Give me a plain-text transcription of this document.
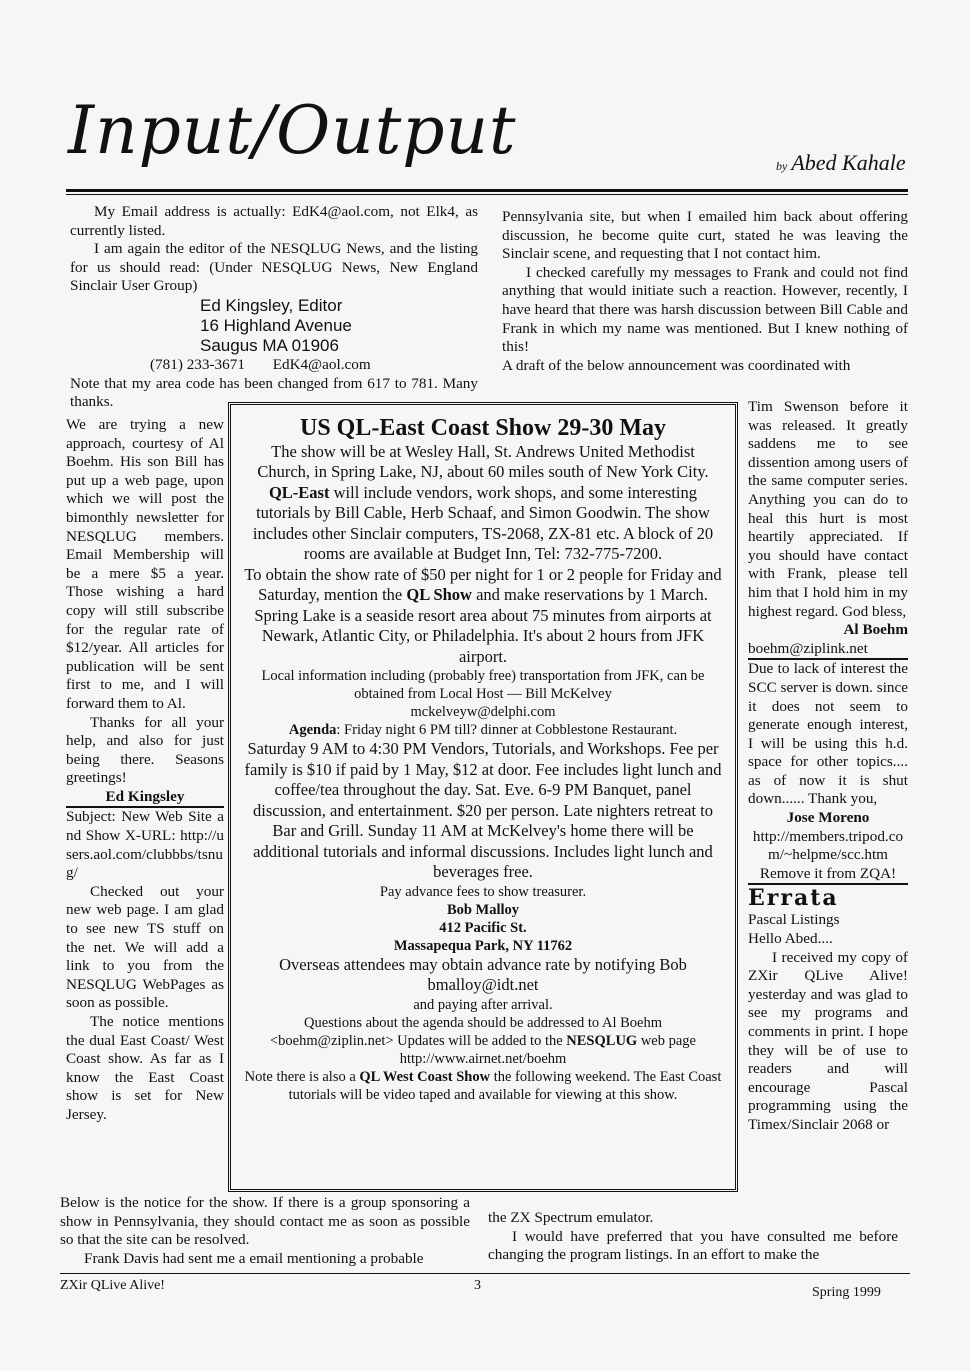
Input/Output	by Abed Kahale

My Email address is actually: EdK4@aol.com, not Elk4, as currently listed.

I am again the editor of the NESQLUG News, and the listing for us should read: (Under NESQLUG News, New England Sinclair User Group)

Ed Kingsley, Editor
16 Highland Avenue
Saugus MA 01906
(781) 233-3671 EdK4@aol.com

Note that my area code has been changed from 617 to 781. Many thanks.

We are trying a new approach, courtesy of Al Boehm. His son Bill has put up a web page, upon which we will post the bimonthly newsletter for NESQLUG members. Email Membership will be a mere $5 a year. Those wishing a hard copy will still subscribe for the regular rate of $12/year. All articles for publication will be sent first to me, and I will forward them to Al.

Thanks for all your help, and also for just being there. Seasons greetings!

Ed Kingsley

Subject: New Web Site and Show X-URL: http://users.aol.com/clubbbs/tsnug/

Checked out your new web page. I am glad to see new TS stuff on the net. We will add a link to you from the NESQLUG WebPages as soon as possible.

The notice mentions the dual East Coast/ West Coast show. As far as I know the East Coast show is set for New Jersey.

Below is the notice for the show. If there is a group sponsoring a show in Pennsylvania, they should contact me as soon as possible so that the site can be resolved.

Frank Davis had sent me a email mentioning a probable

Pennsylvania site, but when I emailed him back about offering discussion, he become quite curt, stated he was leaving the Sinclair scene, and requesting that I not contact him.

I checked carefully my messages to Frank and could not find anything that would initiate such a reaction. However, recently, I have heard that there was harsh discussion between Bill Cable and Frank in which my name was mentioned. But I knew nothing of this!

A draft of the below announcement was coordinated with

Tim Swenson before it was released. It greatly saddens me to see dissention among users of the same computer series. Anything you can do to heal this hurt is most heartily appreciated. If you should have contact with Frank, please tell him that I hold him in my highest regard. God bless,

Al Boehm
boehm@ziplink.net

Due to lack of interest the SCC server is down. since it does not seem to generate enough interest, I will be using this h.d. space for other topics.... as of now it is shut down...... Thank you,

Jose Moreno
http://members.tripod.com/~helpme/scc.htm
Remove it from ZQA!
Errata

Pascal Listings

Hello Abed....

I received my copy of ZXir QLive Alive! yesterday and was glad to see my programs and comments in print. I hope they will be of use to readers and will encourage Pascal programming using the Timex/Sinclair 2068 or

the ZX Spectrum emulator.

I would have preferred that you have consulted me before changing the program listings. In an effort to make the

US QL-East Coast Show 29-30 May

The show will be at Wesley Hall, St. Andrews United Methodist Church, in Spring Lake, NJ, about 60 miles south of New York City. QL-East will include vendors, work shops, and some interesting tutorials by Bill Cable, Herb Schaaf, and Simon Goodwin. The show includes other Sinclair computers, TS-2068, ZX-81 etc. A block of 20 rooms are available at Budget Inn, Tel: 732-775-7200.

To obtain the show rate of $50 per night for 1 or 2 people for Friday and Saturday, mention the QL Show and make reservations by 1 March.

Spring Lake is a seaside resort area about 75 minutes from airports at Newark, Atlantic City, or Philadelphia. It's about 2 hours from JFK airport.

Local information including (probably free) transportation from JFK, can be obtained from Local Host — Bill McKelvey

mckelveyw@delphi.com

Agenda: Friday night 6 PM till? dinner at Cobblestone Restaurant.

Saturday 9 AM to 4:30 PM Vendors, Tutorials, and Workshops. Fee per family is $10 if paid by 1 May, $12 at door. Fee includes light lunch and coffee/tea throughout the day. Sat. Eve. 6-9 PM Banquet, panel discussion, and entertainment. $20 per person. Late nighters retreat to Bar and Grill. Sunday 11 AM at McKelvey's home there will be additional tutorials and informal discussions. Includes light lunch and beverages free.

Pay advance fees to show treasurer.

Bob Malloy

412 Pacific St.

Massapequa Park, NY 11762

Overseas attendees may obtain advance rate by notifying Bob

bmalloy@idt.net

and paying after arrival.

Questions about the agenda should be addressed to Al Boehm <boehm@ziplin.net> Updates will be added to the NESQLUG web page

http://www.airnet.net/boehm

Note there is also a QL West Coast Show the following weekend. The East Coast tutorials will be video taped and available for viewing at this show.

ZXir QLive Alive!	3	Spring 1999
